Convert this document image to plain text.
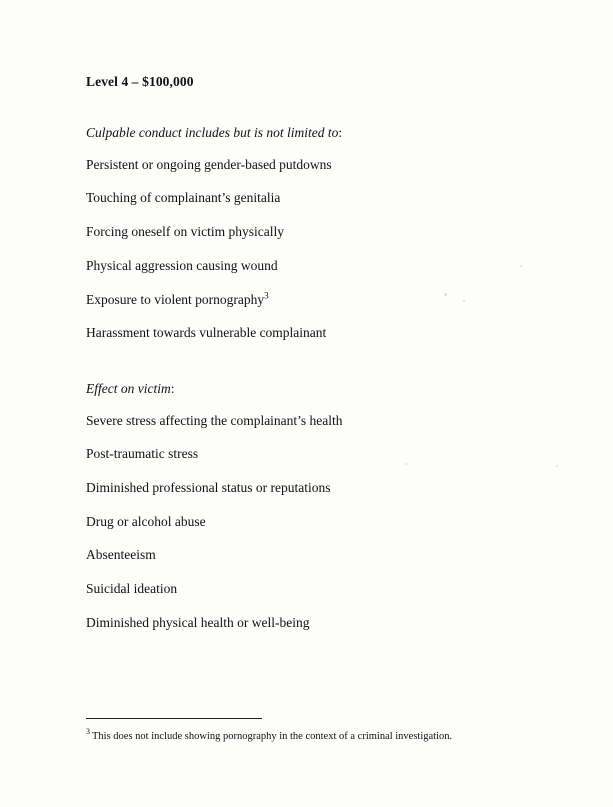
Level 4 – $100,000

Culpable conduct includes but is not limited to:

Persistent or ongoing gender-based putdowns

Touching of complainant’s genitalia

Forcing oneself on victim physically

Physical aggression causing wound

Exposure to violent pornography$^3$

Harassment towards vulnerable complainant

Effect on victim:

Severe stress affecting the complainant’s health

Post-traumatic stress

Diminished professional status or reputations

Drug or alcohol abuse

Absenteeism

Suicidal ideation

Diminished physical health or well-being

$^3$ This does not include showing pornography in the context of a criminal investigation.
